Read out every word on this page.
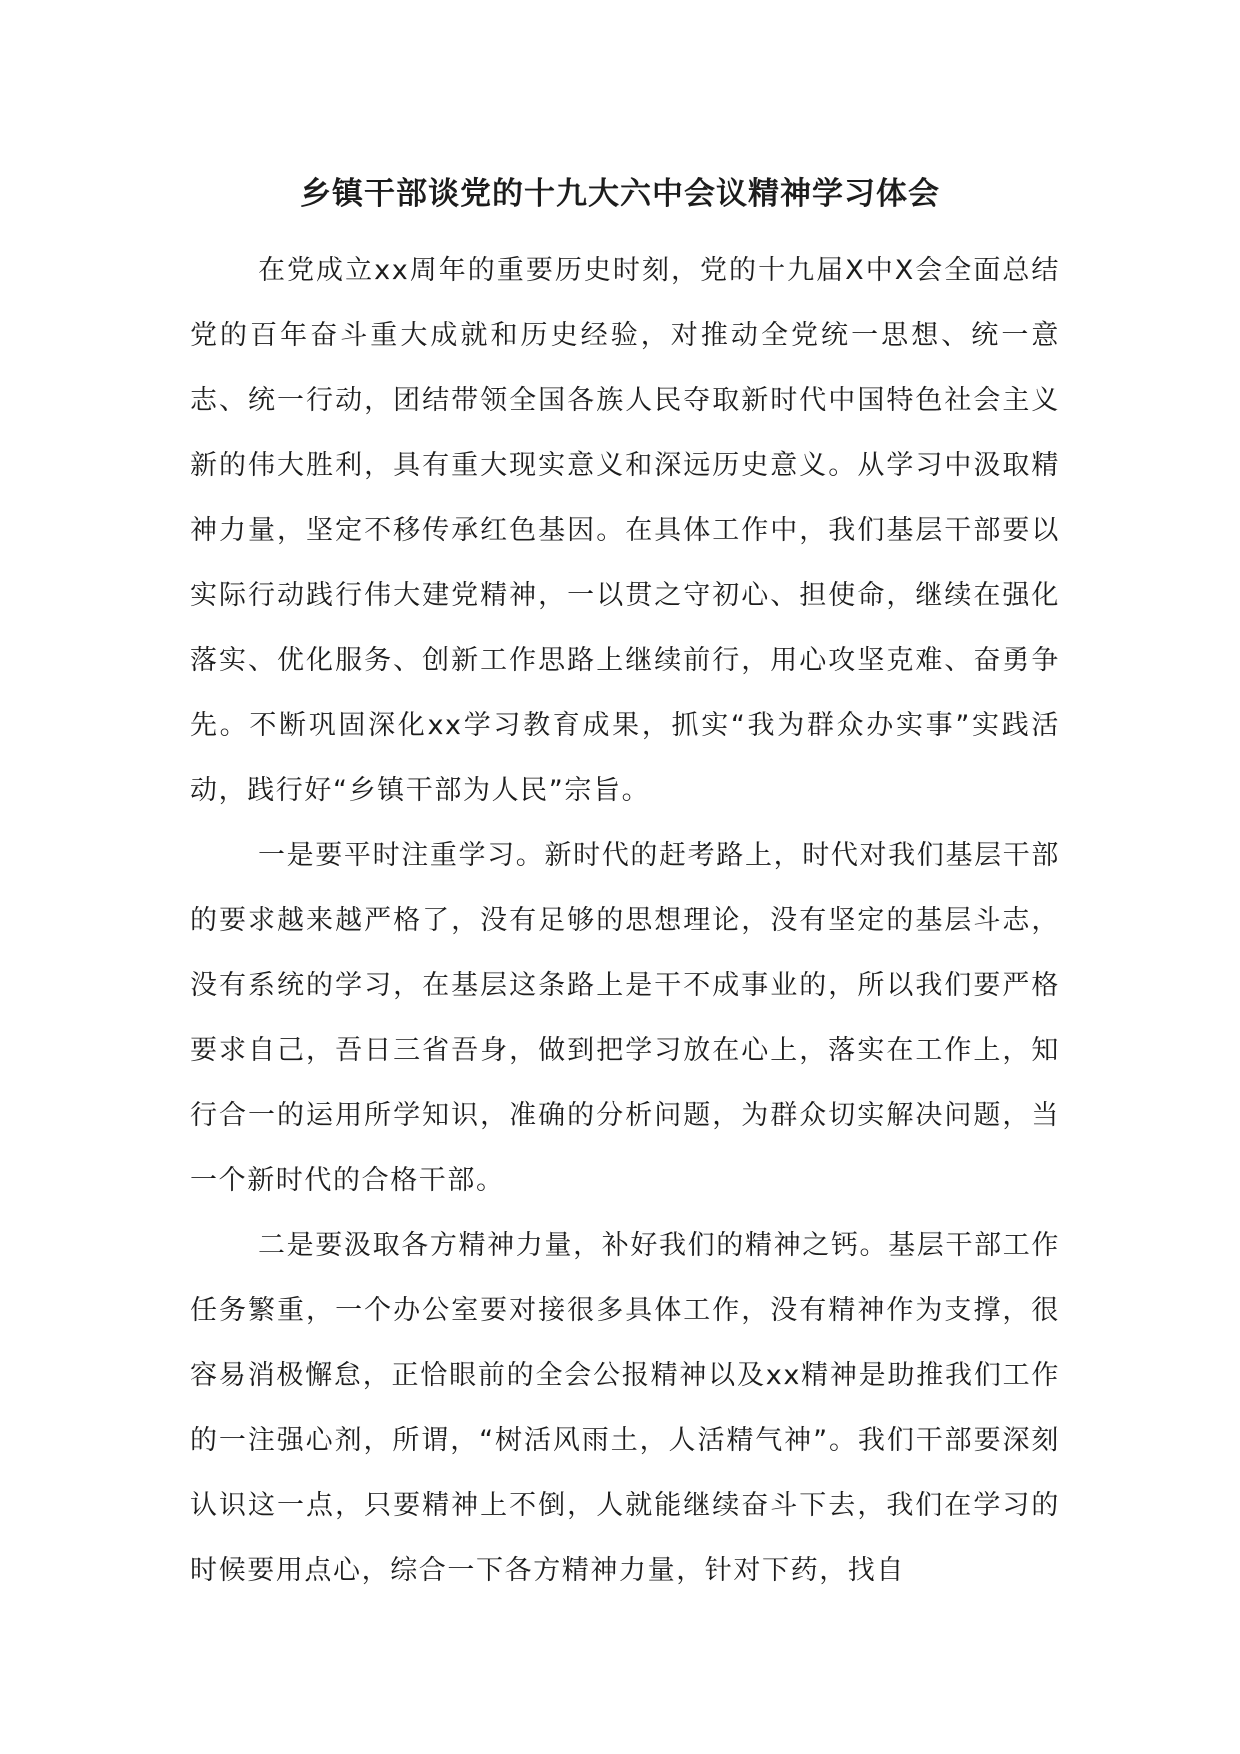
乡镇干部谈党的十九大六中会议精神学习体会

在党成立xx周年的重要历史时刻，党的十九届X中X会全面总结党的百年奋斗重大成就和历史经验，对推动全党统一思想、统一意志、统一行动，团结带领全国各族人民夺取新时代中国特色社会主义新的伟大胜利，具有重大现实意义和深远历史意义。从学习中汲取精神力量，坚定不移传承红色基因。在具体工作中，我们基层干部要以实际行动践行伟大建党精神，一以贯之守初心、担使命，继续在强化落实、优化服务、创新工作思路上继续前行，用心攻坚克难、奋勇争先。不断巩固深化xx学习教育成果，抓实“我为群众办实事”实践活动，践行好“乡镇干部为人民”宗旨。

一是要平时注重学习。新时代的赶考路上，时代对我们基层干部的要求越来越严格了，没有足够的思想理论，没有坚定的基层斗志，没有系统的学习，在基层这条路上是干不成事业的，所以我们要严格要求自己，吾日三省吾身，做到把学习放在心上，落实在工作上，知行合一的运用所学知识，准确的分析问题，为群众切实解决问题，当一个新时代的合格干部。

二是要汲取各方精神力量，补好我们的精神之钙。基层干部工作任务繁重，一个办公室要对接很多具体工作，没有精神作为支撑，很容易消极懈怠，正恰眼前的全会公报精神以及xx精神是助推我们工作的一注强心剂，所谓，“树活风雨土，人活精气神”。我们干部要深刻认识这一点，只要精神上不倒，人就能继续奋斗下去，我们在学习的时候要用点心，综合一下各方精神力量，针对下药，找自
